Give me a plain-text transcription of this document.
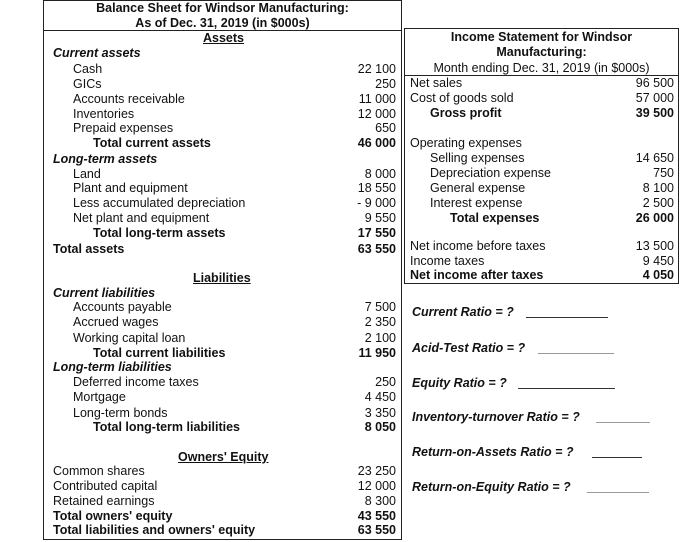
Balance Sheet for Windsor Manufacturing:
As of Dec. 31, 2019 (in $000s)
Assets
Current assets
Cash	22 100
GICs	250
Accounts receivable	11 000
Inventories	12 000
Prepaid expenses	650
Total current assets	46 000
Long-term assets
Land	8 000
Plant and equipment	18 550
Less accumulated depreciation	- 9 000
Net plant and equipment	9 550
Total long-term assets	17 550
Total assets	63 550
Liabilities
Current liabilities
Accounts payable	7 500
Accrued wages	2 350
Working capital loan	2 100
Total current liabilities	11 950
Long-term liabilities
Deferred income taxes	250
Mortgage	4 450
Long-term bonds	3 350
Total long-term liabilities	8 050
Owners' Equity
Common shares	23 250
Contributed capital	12 000
Retained earnings	8 300
Total owners' equity	43 550
Total liabilities and owners' equity	63 550
Income Statement for Windsor
Manufacturing:
Month ending Dec. 31, 2019 (in $000s)
Net sales	96 500
Cost of goods sold	57 000
Gross profit	39 500
Operating expenses
Selling expenses	14 650
Depreciation expense	750
General expense	8 100
Interest expense	2 500
Total expenses	26 000
Net income before taxes	13 500
Income taxes	9 450
Net income after taxes	4 050
Current Ratio = ?
Acid-Test Ratio = ?
Equity Ratio = ?
Inventory-turnover Ratio = ?
Return-on-Assets Ratio = ?
Return-on-Equity Ratio = ?
